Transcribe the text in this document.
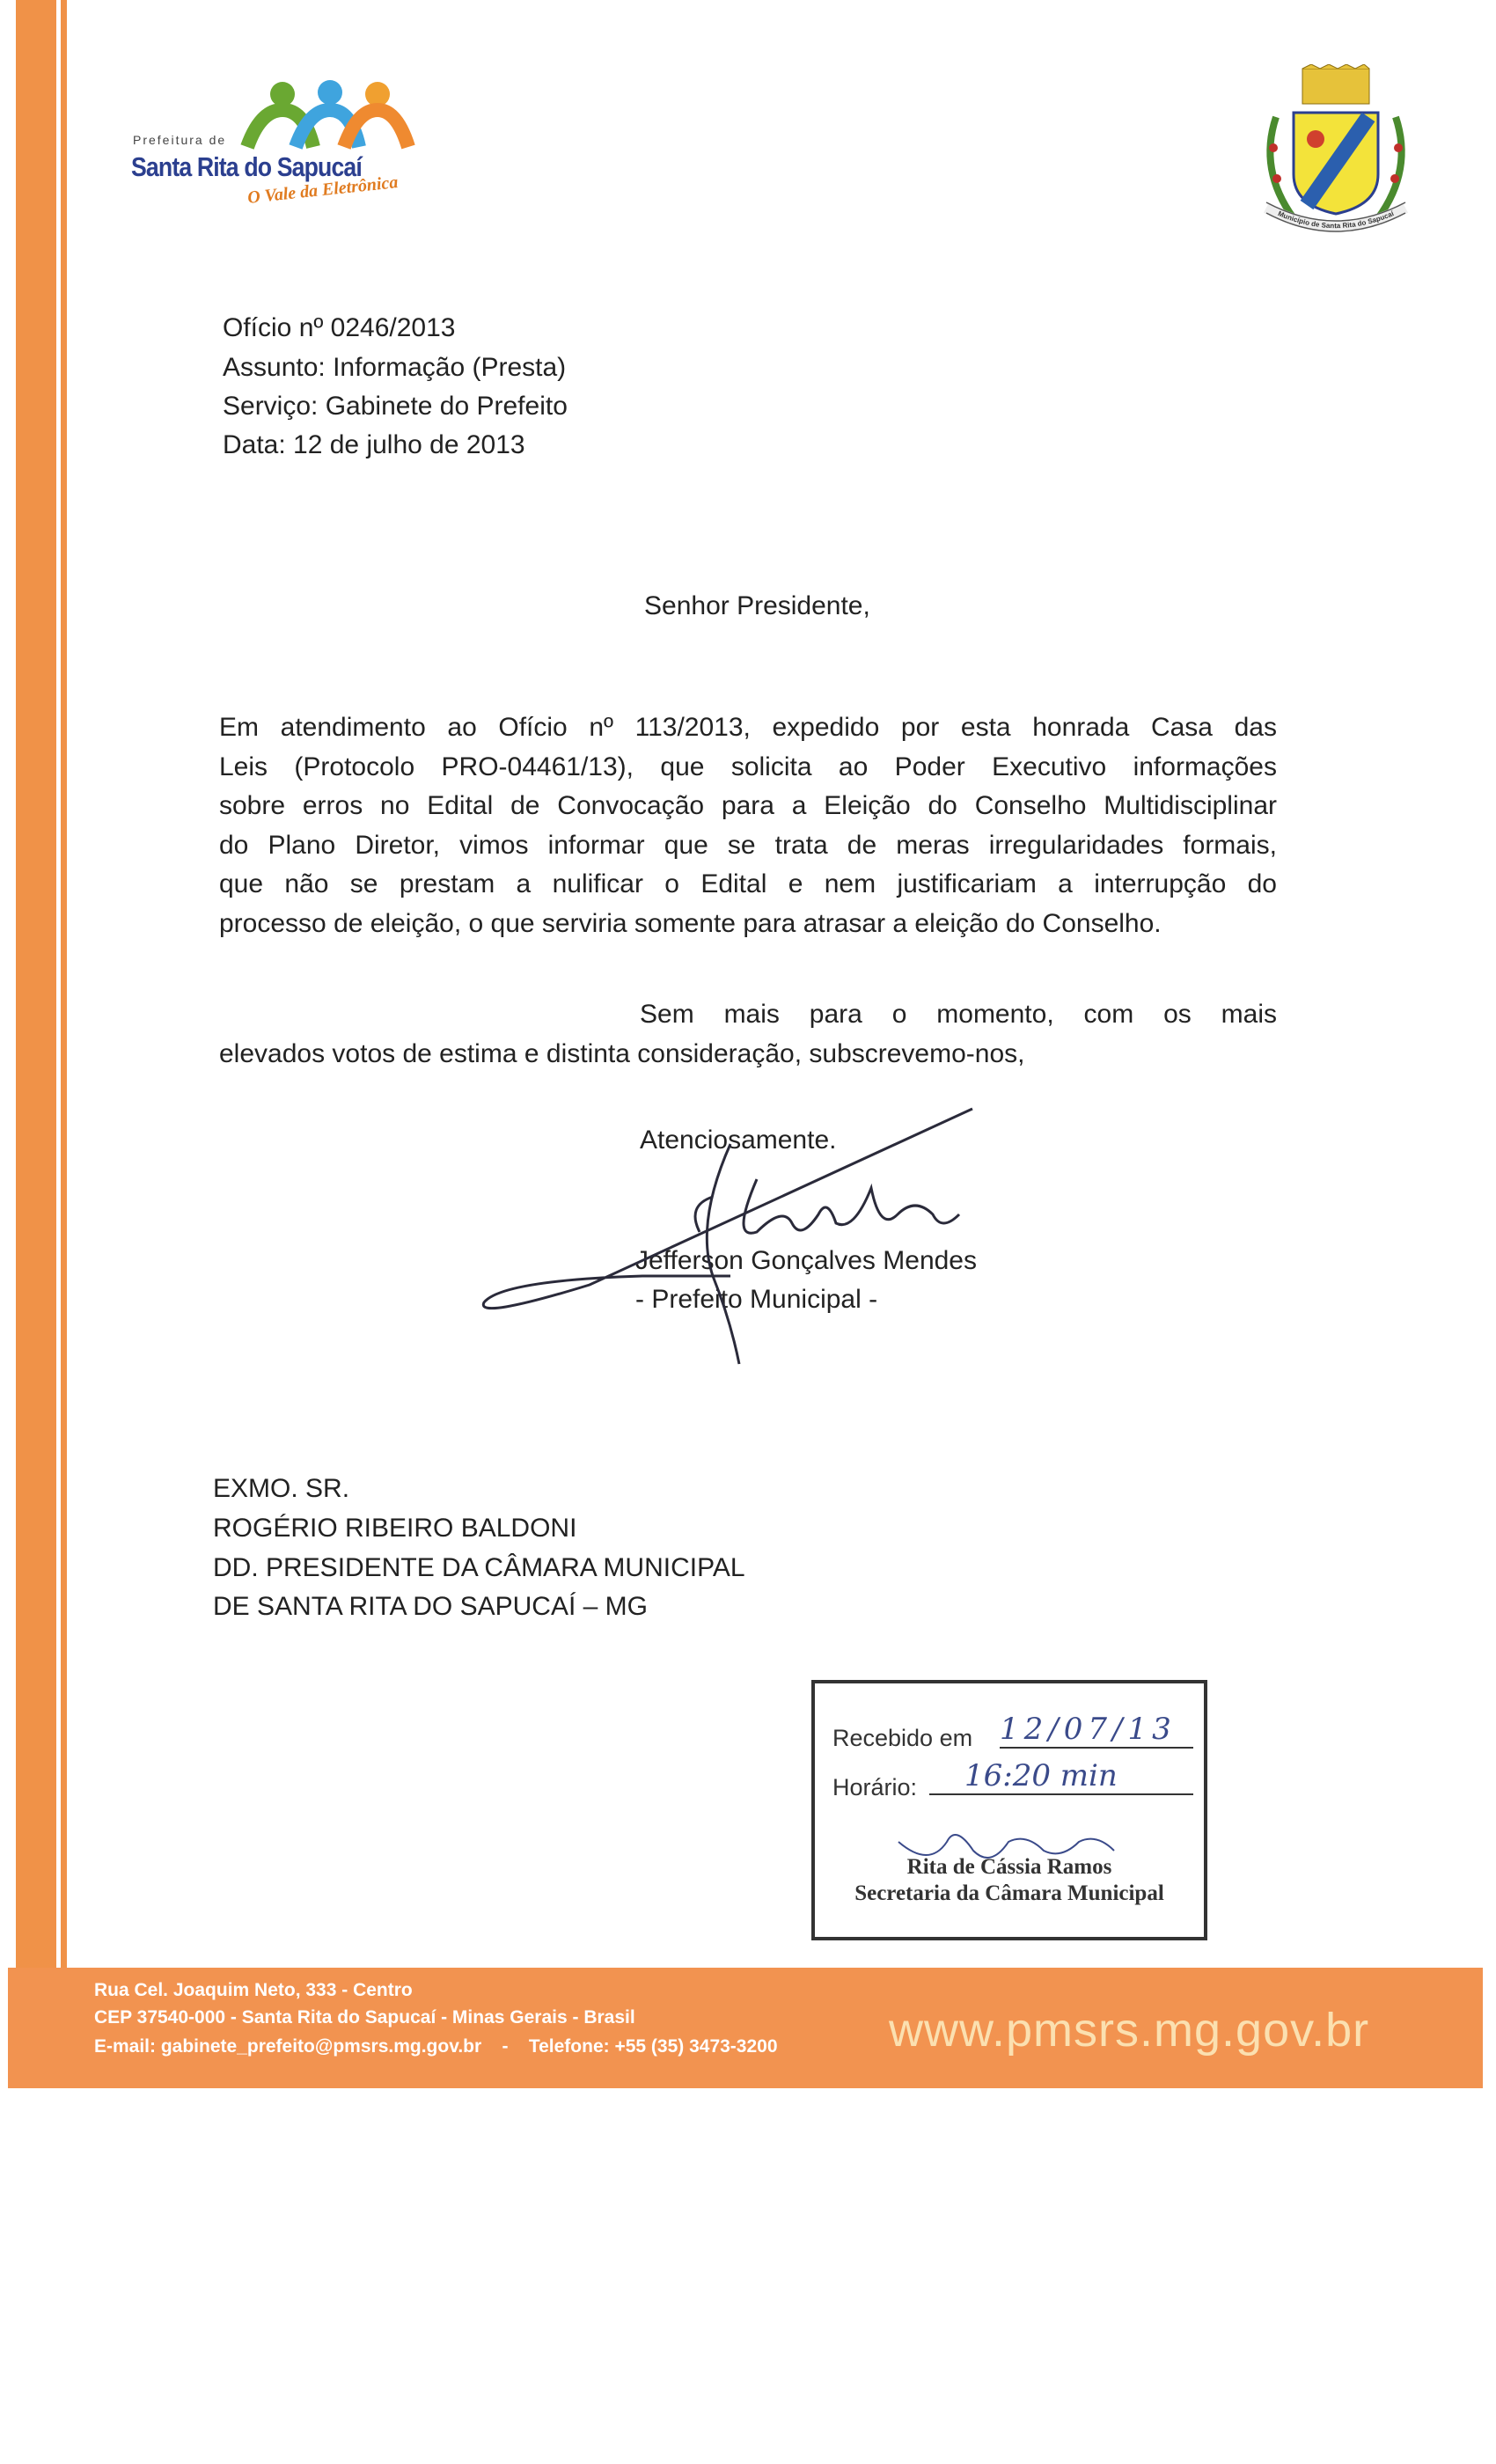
Prefeitura de
Santa Rita do Sapucaí
O Vale da Eletrônica
Município de Santa Rita do Sapucaí
Ofício nº 0246/2013
Assunto: Informação (Presta)
Serviço: Gabinete do Prefeito
Data: 12 de julho de 2013
Senhor Presidente,

Em atendimento ao Ofício nº 113/2013, expedido por esta honrada Casa das

Leis (Protocolo PRO-04461/13), que solicita ao Poder Executivo informações

sobre erros no Edital de Convocação para a Eleição do Conselho Multidisciplinar

do Plano Diretor, vimos informar que se trata de meras irregularidades formais,

que não se prestam a nulificar o Edital e nem justificariam a interrupção do

processo de eleição, o que serviria somente para atrasar a eleição do Conselho.

Sem mais para o momento, com os mais

elevados votos de estima e distinta consideração, subscrevemo-nos,

Atenciosamente.
Jefferson Gonçalves Mendes
- Prefeito Municipal -
EXMO. SR.
ROGÉRIO RIBEIRO BALDONI
DD. PRESIDENTE DA CÂMARA MUNICIPAL
DE SANTA RITA DO SAPUCAÍ – MG
Recebido em 12/07/13
Horário:	16:20 min
Rita de Cássia Ramos
Secretaria da Câmara Municipal
Rua Cel. Joaquim Neto, 333 - Centro
CEP 37540-000 - Santa Rita do Sapucaí - Minas Gerais - Brasil
E-mail: gabinete_prefeito@pmsrs.mg.gov.br    -    Telefone: +55 (35) 3473-3200 www.pmsrs.mg.gov.br
